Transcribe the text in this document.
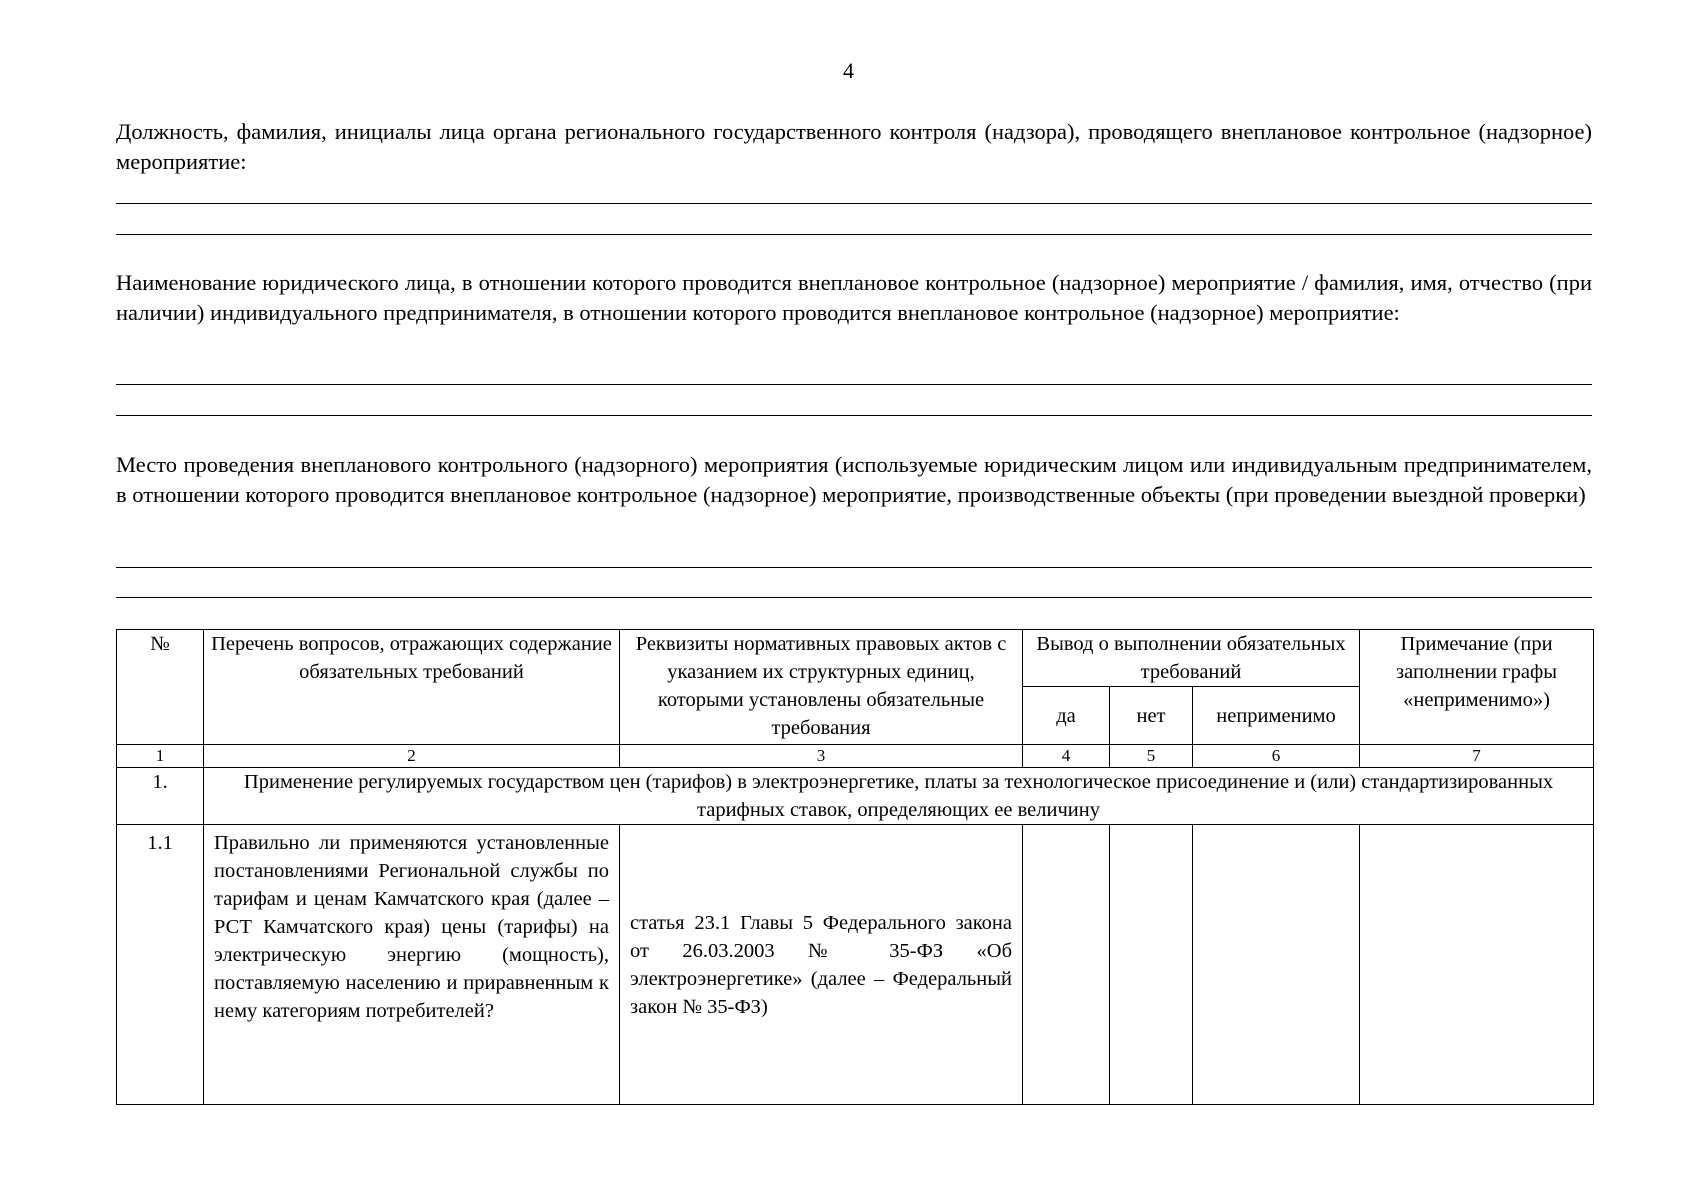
4
Должность, фамилия, инициалы лица органа регионального государственного контроля (надзора), проводящего внеплановое контрольное (надзорное) мероприятие:
Наименование юридического лица, в отношении которого проводится внеплановое контрольное (надзорное) мероприятие / фамилия, имя, отчество (при наличии) индивидуального предпринимателя, в отношении которого проводится внеплановое контрольное (надзорное) мероприятие:
Место проведения внепланового контрольного (надзорного) мероприятия (используемые юридическим лицом или индивидуальным предпринимателем, в отношении которого проводится внеплановое контрольное (надзорное) мероприятие, производственные объекты (при проведении выездной проверки)
№	Перечень вопросов, отражающих содержание обязательных требований	Реквизиты нормативных правовых актов с указанием их структурных единиц, которыми установлены обязательные требования	Вывод о выполнении обязательных требований			Примечание (при заполнении графы «неприменимо»)
			да	нет	неприменимо	
1	2	3	4	5	6	7
1.	Применение регулируемых государством цен (тарифов) в электроэнергетике, платы за технологическое присоединение и (или) стандартизированных тарифных ставок, определяющих ее величину					
1.1	Правильно ли применяются установленные постановлениями Региональной службы по тарифам и ценам Камчатского края (далее – РСТ Камчатского края) цены (тарифы) на электрическую энергию (мощность), поставляемую населению и приравненным к нему категориям потребителей?	статья 23.1 Главы 5 Федерального закона от 26.03.2003 № 35-ФЗ «Об электроэнергетике» (далее – Федеральный закон № 35-ФЗ)				
